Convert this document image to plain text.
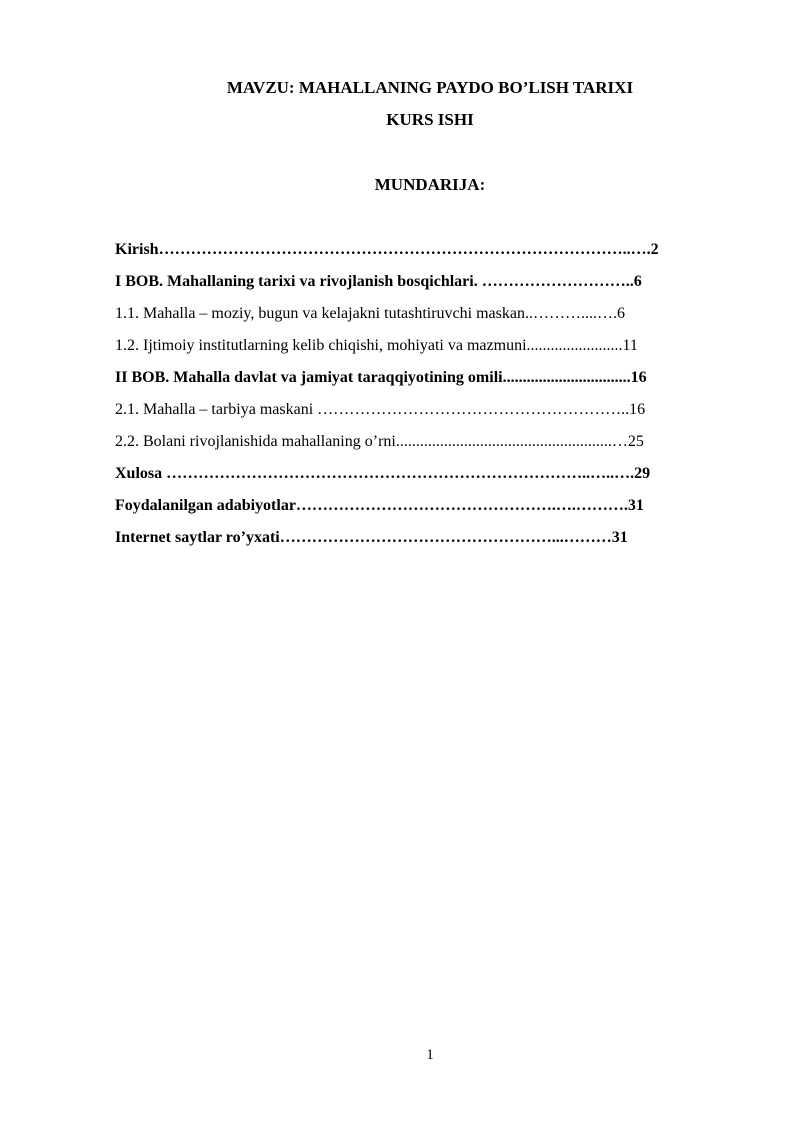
MAVZU: MAHALLANING PAYDO BO’LISH TARIXI
KURS ISHI
MUNDARIJA:
Kirish……………………………………………………………………………..….2
I BOB. Mahallaning tarixi va rivojlanish bosqichlari. ………………………..6
1.1. Mahalla – moziy, bugun va kelajakni tutashtiruvchi maskan..………....….6
1.2. Ijtimoiy institutlarning kelib chiqishi, mohiyati va mazmuni........................11
II BOB. Mahalla davlat va jamiyat taraqqiyotining omili................................16
2.1. Mahalla – tarbiya maskani …………………………………………………..16
2.2. Bolani rivojlanishida mahallaning o’rni......................................................…25
Xulosa ……………………………………………………………………..…..….29
Foydalanilgan adabiyotlar………………………………………….….……….31
Internet saytlar ro’yxati……………………………………………...………31
1
